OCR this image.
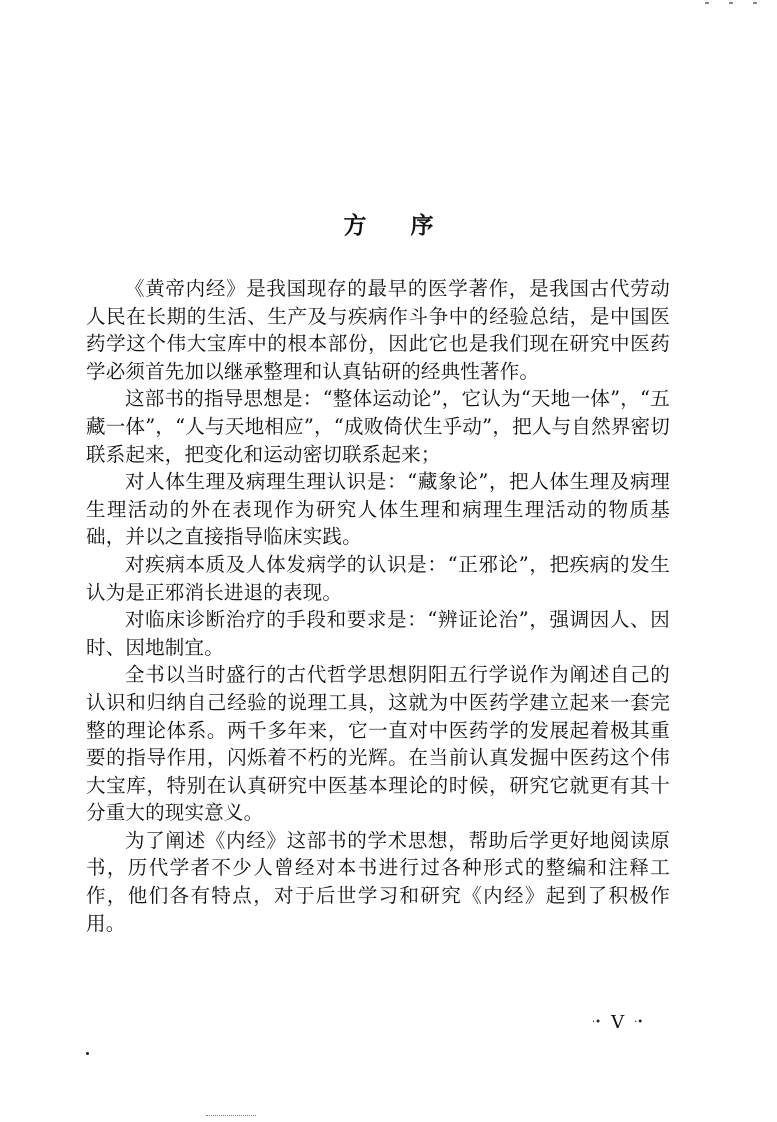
方序

《黄帝内经》是我国现存的最早的医学著作，是我国古代劳动人民在长期的生活、生产及与疾病作斗争中的经验总结，是中国医药学这个伟大宝库中的根本部份，因此它也是我们现在研究中医药学必须首先加以继承整理和认真钻研的经典性著作。

这部书的指导思想是：“整体运动论”，它认为“天地一体”，“五藏一体”，“人与天地相应”，“成败倚伏生乎动”，把人与自然界密切联系起来，把变化和运动密切联系起来；

对人体生理及病理生理认识是：“藏象论”，把人体生理及病理生理活动的外在表现作为研究人体生理和病理生理活动的物质基础，并以之直接指导临床实践。

对疾病本质及人体发病学的认识是：“正邪论”，把疾病的发生认为是正邪消长进退的表现。

对临床诊断治疗的手段和要求是：“辨证论治”，强调因人、因时、因地制宜。

全书以当时盛行的古代哲学思想阴阳五行学说作为阐述自己的认识和归纳自己经验的说理工具，这就为中医药学建立起来一套完整的理论体系。两千多年来，它一直对中医药学的发展起着极其重要的指导作用，闪烁着不朽的光辉。在当前认真发掘中医药这个伟大宝库，特别在认真研究中医基本理论的时候，研究它就更有其十分重大的现实意义。

为了阐述《内经》这部书的学术思想，帮助后学更好地阅读原书，历代学者不少人曾经对本书进行过各种形式的整编和注释工作，他们各有特点，对于后世学习和研究《内经》起到了积极作用。

·• V ·•
